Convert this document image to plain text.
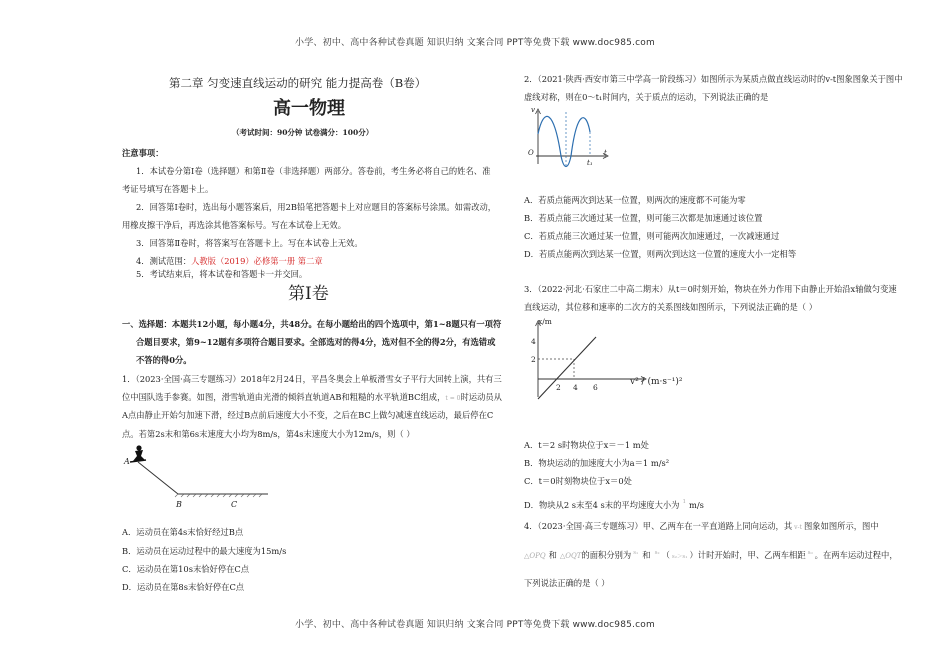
小学、初中、高中各种试卷真题 知识归纳 文案合同 PPT等免费下载 www.doc985.com
第二章 匀变速直线运动的研究 能力提高卷（B卷）
高一物理
（考试时间：90分钟 试卷满分：100分）
注意事项：
1．本试卷分第Ⅰ卷（选择题）和第Ⅱ卷（非选择题）两部分。答卷前，考生务必将自己的姓名、准
考证号填写在答题卡上。
2．回答第Ⅰ卷时，选出每小题答案后，用2B铅笔把答题卡上对应题目的答案标号涂黑。如需改动，
用橡皮擦干净后，再选涂其他答案标号。写在本试卷上无效。
3．回答第Ⅱ卷时，将答案写在答题卡上。写在本试卷上无效。
4．测试范围：人教版（2019）必修第一册 第二章
5．考试结束后，将本试卷和答题卡一并交回。
第Ⅰ卷
一、选择题：本题共12小题，每小题4分，共48分。在每小题给出的四个选项中，第1~8题只有一项符
合题目要求，第9~12题有多项符合题目要求。全部选对的得4分，选对但不全的得2分，有选错或
不答的得0分。
1．（2023·全国·高三专题练习）2018年2月24日，平昌冬奥会上单板滑雪女子平行大回转上演，共有三
位中国队选手参赛。如图，滑雪轨道由光滑的倾斜直轨道AB和粗糙的水平轨道BC组成，t = 0时运动员从
A点由静止开始匀加速下滑，经过B点前后速度大小不变，之后在BC上做匀减速直线运动，最后停在C
点。若第2s末和第6s末速度大小均为8m/s，第4s末速度大小为12m/s，则（ ）
A
B	C
A．运动员在第4s末恰好经过B点
B．运动员在运动过程中的最大速度为15m/s
C．运动员在第10s末恰好停在C点
D．运动员在第8s末恰好停在C点
2．（2021·陕西·西安市第三中学高一阶段练习）如图所示为某质点做直线运动时的v-t图象图象关于图中
虚线对称，则在0～t₁时间内，关于质点的运动，下列说法正确的是
v
O	t
t₁
A．若质点能两次到达某一位置，则两次的速度都不可能为零
B．若质点能三次通过某一位置，则可能三次都是加速通过该位置
C．若质点能三次通过某一位置，则可能两次加速通过，一次减速通过
D．若质点能两次到达某一位置，则两次到达这一位置的速度大小一定相等
3．（2022·河北·石家庄二中高二期末）从t＝0时刻开始，物块在外力作用下由静止开始沿x轴做匀变速
直线运动，其位移和速率的二次方的关系图线如图所示，下列说法正确的是（ ）
x/m
v² / (m·s⁻¹)²
2 4 6
4
2
A．t＝2 s时物块位于x＝－1 m处
B．物块运动的加速度大小为a＝1 m/s²
C．t＝0时刻物块位于x＝0处
D．物块从2 s末至4 s末的平均速度大小为 $^1$ m/s
4．（2023·全国·高三专题练习）甲、乙两车在一平直道路上同向运动，其 v-t 图象如图所示，图中
△OPQ 和 △OQT的面积分别为 $^{s_1}$ 和 $^{s_2}$ （ s₂＞s₁ ）计时开始时，甲、乙两车相距 $^{s_0}$ 。在两车运动过程中，
下列说法正确的是（ ）
小学、初中、高中各种试卷真题 知识归纳 文案合同 PPT等免费下载 www.doc985.com
